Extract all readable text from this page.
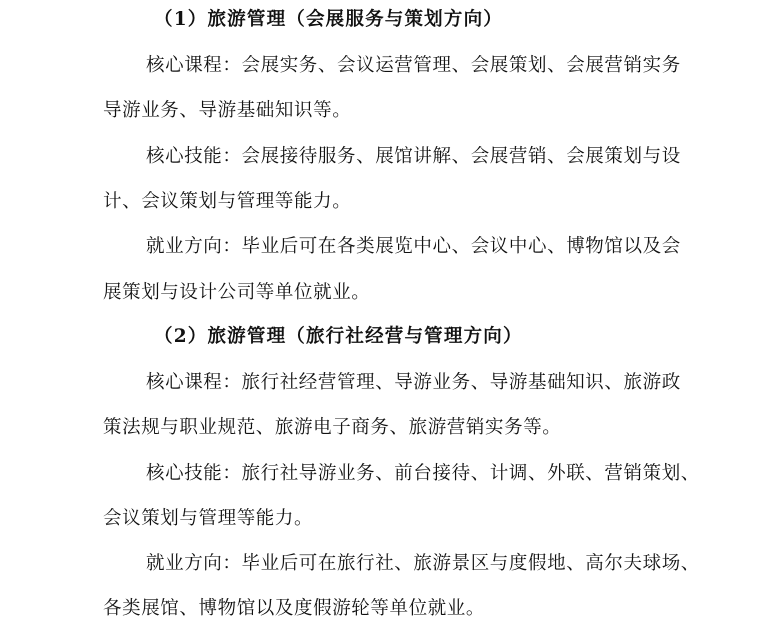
（1）旅游管理（会展服务与策划方向）
核心课程：会展实务、会议运营管理、会展策划、会展营销实务
导游业务、导游基础知识等。
核心技能：会展接待服务、展馆讲解、会展营销、会展策划与设
计、会议策划与管理等能力。
就业方向：毕业后可在各类展览中心、会议中心、博物馆以及会
展策划与设计公司等单位就业。
（2）旅游管理（旅行社经营与管理方向）
核心课程：旅行社经营管理、导游业务、导游基础知识、旅游政
策法规与职业规范、旅游电子商务、旅游营销实务等。
核心技能：旅行社导游业务、前台接待、计调、外联、营销策划、
会议策划与管理等能力。
就业方向：毕业后可在旅行社、旅游景区与度假地、高尔夫球场、
各类展馆、博物馆以及度假游轮等单位就业。
